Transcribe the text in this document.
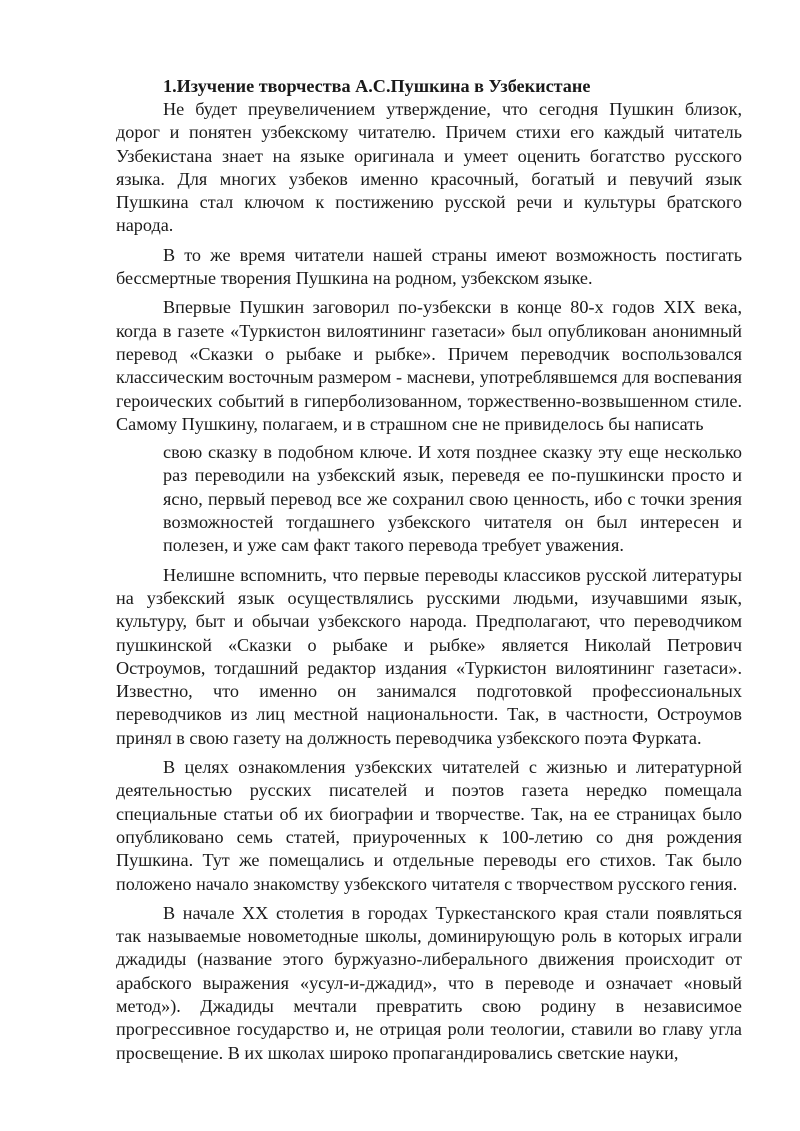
1.Изучение творчества А.С.Пушкина в Узбекистане

Не будет преувеличением утверждение, что сегодня Пушкин близок, дорог и понятен узбекскому читателю. Причем стихи его каждый читатель Узбекистана знает на языке оригинала и умеет оценить богатство русского языка. Для многих узбеков именно красочный, богатый и певучий язык Пушкина стал ключом к постижению русской речи и культуры братского народа.

В то же время читатели нашей страны имеют возможность постигать бессмертные творения Пушкина на родном, узбекском языке.

Впервые Пушкин заговорил по-узбекски в конце 80-х годов XIX века, когда в газете «Туркистон вилоятининг газетаси» был опубликован анонимный перевод «Сказки о рыбаке и рыбке». Причем переводчик воспользовался классическим восточным размером - масневи, употреблявшемся для воспевания героических событий в гиперболизованном, торжественно-возвышенном стиле. Самому Пушкину, полагаем, и в страшном сне не привиделось бы написать

свою сказку в подобном ключе. И хотя позднее сказку эту еще несколько раз переводили на узбекский язык, переведя ее по-пушкински просто и ясно, первый перевод все же сохранил свою ценность, ибо с точки зрения возможностей тогдашнего узбекского читателя он был интересен и полезен, и уже сам факт такого перевода требует уважения.

Нелишне вспомнить, что первые переводы классиков русской литературы на узбекский язык осуществлялись русскими людьми, изучавшими язык, культуру, быт и обычаи узбекского народа. Предполагают, что переводчиком пушкинской «Сказки о рыбаке и рыбке» является Николай Петрович Остроумов, тогдашний редактор издания «Туркистон вилоятининг газетаси». Известно, что именно он занимался подготовкой профессиональных переводчиков из лиц местной национальности. Так, в частности, Остроумов принял в свою газету на должность переводчика узбекского поэта Фурката.

В целях ознакомления узбекских читателей с жизнью и литературной деятельностью русских писателей и поэтов газета нередко помещала специальные статьи об их биографии и творчестве. Так, на ее страницах было опубликовано семь статей, приуроченных к 100-летию со дня рождения Пушкина. Тут же помещались и отдельные переводы его стихов. Так было положено начало знакомству узбекского читателя с творчеством русского гения.

В начале XX столетия в городах Туркестанского края стали появляться так называемые новометодные школы, доминирующую роль в которых играли джадиды (название этого буржуазно-либерального движения происходит от арабского выражения «усул-и-джадид», что в переводе и означает «новый метод»). Джадиды мечтали превратить свою родину в независимое прогрессивное государство и, не отрицая роли теологии, ставили во главу угла просвещение. В их школах широко пропагандировались светские науки,
